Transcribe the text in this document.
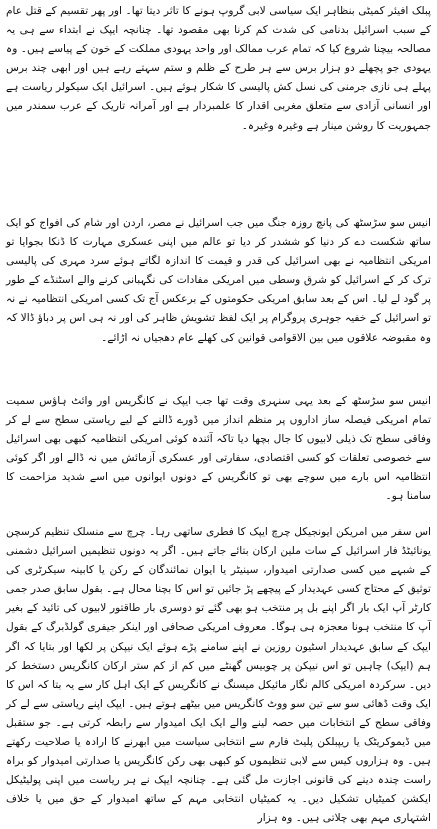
پبلک افیئر کمیٹی بنظاہر ایک سیاسی لابی گروپ ہونے کا تاثر دیتا تھا۔ اور پھر تقسیم کے قتل عام کے سبب اسرائیل بدنامی کی شدت کم کرنا بھی مقصود تھا۔ چنانچہ ایپک نے ابتداء سے ہی یہ مصالحہ بیچنا شروع کیا کہ تمام عرب ممالک اور واحد یہودی مملکت کے خون کے پیاسے ہیں۔ وہ یہودی جو پچھلے دو ہزار برس سے ہر طرح کے ظلم و ستم سہتے رہے ہیں اور ابھی چند برس پہلے ہی نازی جرمنی کی نسل کش پالیسی کا شکار ہوئے ہیں۔ اسرائیل ایک سیکولر ریاست ہے اور انسانی آزادی سے متعلق مغربی اقدار کا علمبردار ہے اور آمرانہ تاریک کے عرب سمندر میں جمہوریت کا روشن مینار ہے وغیرہ وغیرہ۔

انیس سو سڑسٹھ کی پانچ روزہ جنگ میں جب اسرائیل نے مصر، اردن اور شام کی افواج کو ایک ساتھ شکست دے کر دنیا کو ششدر کر دیا تو عالم میں اپنی عسکری مہارت کا ڈنکا بجوایا تو امریکی انتظامیہ نے بھی اسرائیل کی قدر و قیمت کا اندازہ لگاتے ہوئے سرد مہری کی پالیسی ترک کر کے اسرائیل کو شرق وسطی میں امریکی مفادات کی نگہبانی کرنے والے اسٹنڈے کے طور پر گود لے لیا۔ اس کے بعد سابق امریکی حکومتوں کے برعکس آج تک کسی امریکی انتظامیہ نے نہ تو اسرائیل کے خفیہ جوہری پروگرام پر ایک لفظ تشویش ظاہر کی اور نہ ہی اس پر دباؤ ڈالا کہ وہ مقبوضہ علاقوں میں بین الاقوامی قوانین کی کھلے عام دھجیاں نہ اڑائے۔

انیس سو سڑسٹھ کے بعد یہی سنہری وقت تھا جب ایپک نے کانگریس اور وائٹ ہاؤس سمیت تمام امریکی فیصلہ ساز اداروں پر منظم انداز میں ڈورے ڈالنے کے لیے ریاستی سطح سے لے کر وفاقی سطح تک ذیلی لابیوں کا جال بچھا دیا تاکہ آئندہ کوئی امریکی انتظامیہ کبھی بھی اسرائیل سے خصوصی تعلقات کو کسی اقتصادی، سفارتی اور عسکری آزمائش میں نہ ڈالے اور اگر کوئی انتظامیہ اس بارے میں سوچے بھی تو کانگریس کے دونوں ایوانوں میں اسے شدید مزاحمت کا سامنا ہو۔

اس سفر میں امریکن ایونجیکل چرچ ایپک کا فطری ساتھی رہا۔ چرچ سے منسلک تنظیم کرسچن یونائیٹڈ فار اسرائیل کے سات ملین ارکان بتائے جاتے ہیں۔ اگر یہ دونوں تنظیمیں اسرائیل دشمنی کے شبہے میں کسی صدارتی امیدوار، سینیٹر یا ایوان نمائندگان کے رکن یا کابینہ سیکرٹری کی توثیق کے محتاج کسی عہدیدار کے پیچھے پڑ جائیں تو اس کا بچنا محال ہے۔ بقول سابق صدر جمی کارٹر آپ ایک بار اگر اپنے بل پر منتخب ہو بھی گئے تو دوسری بار طاقتور لابیوں کی تائید کے بغیر آپ کا منتخب ہونا معجزہ ہی ہوگا۔ معروف امریکی صحافی اور اینکر جیفری گولڈبرگ کے بقول ایپک کے سابق عہدیدار اسٹیون روزین نے اپنے سامنے پڑے ہوئے ایک نیپکن پر لکھا اور بتایا کہ اگر ہم (ایپک) چاہیں تو اس نیپکن پر چوبیس گھنٹے میں کم از کم ستر ارکان کانگریس دستخط کر دیں۔ سرکردہ امریکی کالم نگار مائیکل میسنگ نے کانگریس کے ایک اہل کار سے یہ بتا کہ اس کا ایک وقت ڈھائی سو سے تین سو ووٹ کانگریس میں بیٹھے ہوتے ہیں۔ ایپک اپنے ریاستی سے لے کر وفاقی سطح کے انتخابات میں حصہ لینے والے ایک ایک امیدوار سے رابطہ کرتی ہے۔ جو ستقبل میں ڈیموکریٹک یا ریپبلکن پلیٹ فارم سے انتخابی سیاست میں ابھرنے کا ارادہ یا صلاحیت رکھتے ہیں۔ وہ ہزاروں کیس سے لابی تنظیموں کو کبھی بھی رکن کانگریس یا صدارتی امیدوار کو براہ راست چندہ دینے کی قانونی اجازت مل گئی ہے۔ چنانچہ ایپک نے ہر ریاست میں اپنی پولیٹیکل ایکشن کمیٹیاں تشکیل دیں۔ یہ کمیٹیاں انتخابی مہم کے ساتھ امیدوار کے حق میں یا خلاف اشتہاری مہم بھی چلاتی ہیں۔ وہ ہزار
